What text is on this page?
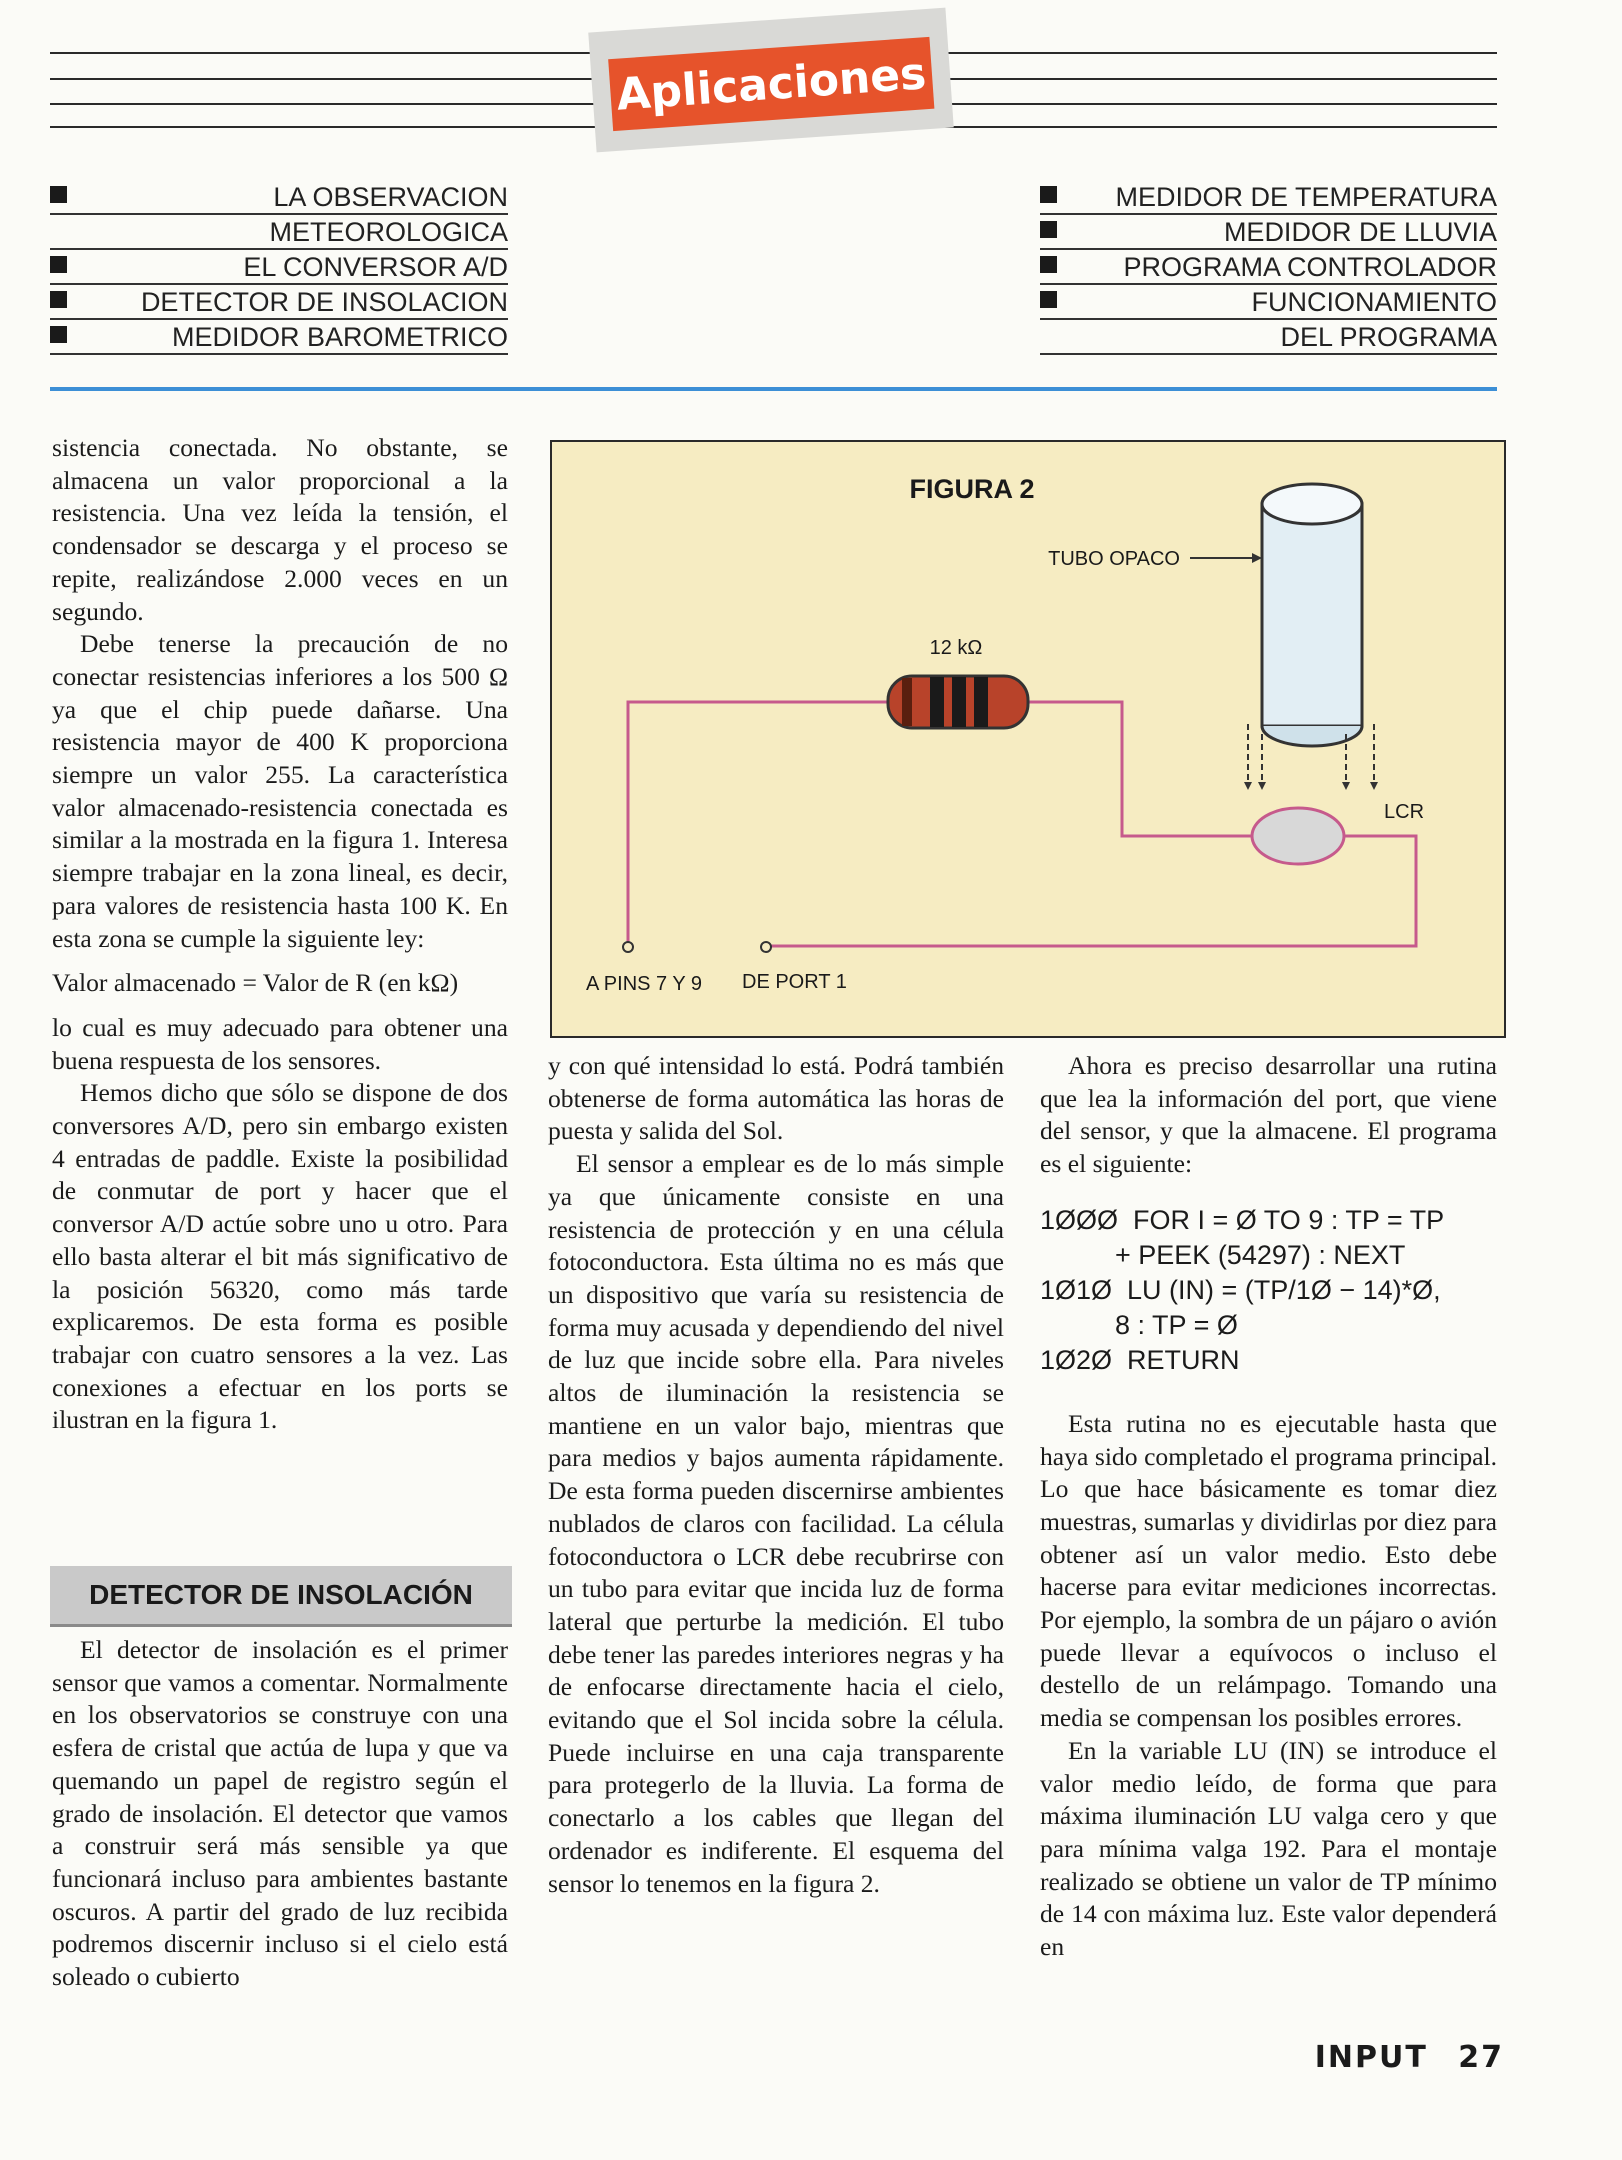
Aplicaciones
LA OBSERVACION
METEOROLOGICA
EL CONVERSOR A/D
DETECTOR DE INSOLACION
MEDIDOR BAROMETRICO
MEDIDOR DE TEMPERATURA
MEDIDOR DE LLUVIA
PROGRAMA CONTROLADOR
FUNCIONAMIENTO
DEL PROGRAMA

sistencia conectada. No obstante, se almacena un valor proporcional a la resistencia. Una vez leída la tensión, el condensador se descarga y el proceso se repite, realizándose 2.000 veces en un segundo.

Debe tenerse la precaución de no conectar resistencias inferiores a los 500 Ω ya que el chip puede dañarse. Una resistencia mayor de 400 K proporciona siempre un valor 255. La característica valor almacenado-resistencia conectada es similar a la mostrada en la figura 1. Interesa siempre trabajar en la zona lineal, es decir, para valores de resistencia hasta 100 K. En esta zona se cumple la siguiente ley:

Valor almacenado = Valor de R (en kΩ)

lo cual es muy adecuado para obtener una buena respuesta de los sensores.

Hemos dicho que sólo se dispone de dos conversores A/D, pero sin embargo existen 4 entradas de paddle. Existe la posibilidad de conmutar de port y hacer que el conversor A/D actúe sobre uno u otro. Para ello basta alterar el bit más significativo de la posición 56320, como más tarde explicaremos. De esta forma es posible trabajar con cuatro sensores a la vez. Las conexiones a efectuar en los ports se ilustran en la figura 1.

DETECTOR DE INSOLACIÓN

El detector de insolación es el primer sensor que vamos a comentar. Normalmente en los observatorios se construye con una esfera de cristal que actúa de lupa y que va quemando un papel de registro según el grado de insolación. El detector que vamos a construir será más sensible ya que funcionará incluso para ambientes bastante oscuros. A partir del grado de luz recibida podremos discernir incluso si el cielo está soleado o cubierto

FIGURA 2
TUBO OPACO
12 kΩ
LCR
A PINS 7 Y 9 DE PORT 1

y con qué intensidad lo está. Podrá también obtenerse de forma automática las horas de puesta y salida del Sol.

El sensor a emplear es de lo más simple ya que únicamente consiste en una resistencia de protección y en una célula fotoconductora. Esta última no es más que un dispositivo que varía su resistencia de forma muy acusada y dependiendo del nivel de luz que incide sobre ella. Para niveles altos de iluminación la resistencia se mantiene en un valor bajo, mientras que para medios y bajos aumenta rápidamente. De esta forma pueden discernirse ambientes nublados de claros con facilidad. La célula fotoconductora o LCR debe recubrirse con un tubo para evitar que incida luz de forma lateral que perturbe la medición. El tubo debe tener las paredes interiores negras y ha de enfocarse directamente hacia el cielo, evitando que el Sol incida sobre la célula. Puede incluirse en una caja transparente para protegerlo de la lluvia. La forma de conectarlo a los cables que llegan del ordenador es indiferente. El esquema del sensor lo tenemos en la figura 2.

Ahora es preciso desarrollar una rutina que lea la información del port, que viene del sensor, y que la almacene. El programa es el siguiente:

1ØØØ  FOR I = Ø TO 9 : TP = TP
+ PEEK (54297) : NEXT
1Ø1Ø  LU (IN) = (TP/1Ø − 14)*Ø,
8 : TP = Ø
1Ø2Ø  RETURN

Esta rutina no es ejecutable hasta que haya sido completado el programa principal. Lo que hace básicamente es tomar diez muestras, sumarlas y dividirlas por diez para obtener así un valor medio. Esto debe hacerse para evitar mediciones incorrectas. Por ejemplo, la sombra de un pájaro o avión puede llevar a equívocos o incluso el destello de un relámpago. Tomando una media se compensan los posibles errores.

En la variable LU (IN) se introduce el valor medio leído, de forma que para máxima iluminación LU valga cero y que para mínima valga 192. Para el montaje realizado se obtiene un valor de TP mínimo de 14 con máxima luz. Este valor dependerá en

INPUT 27
